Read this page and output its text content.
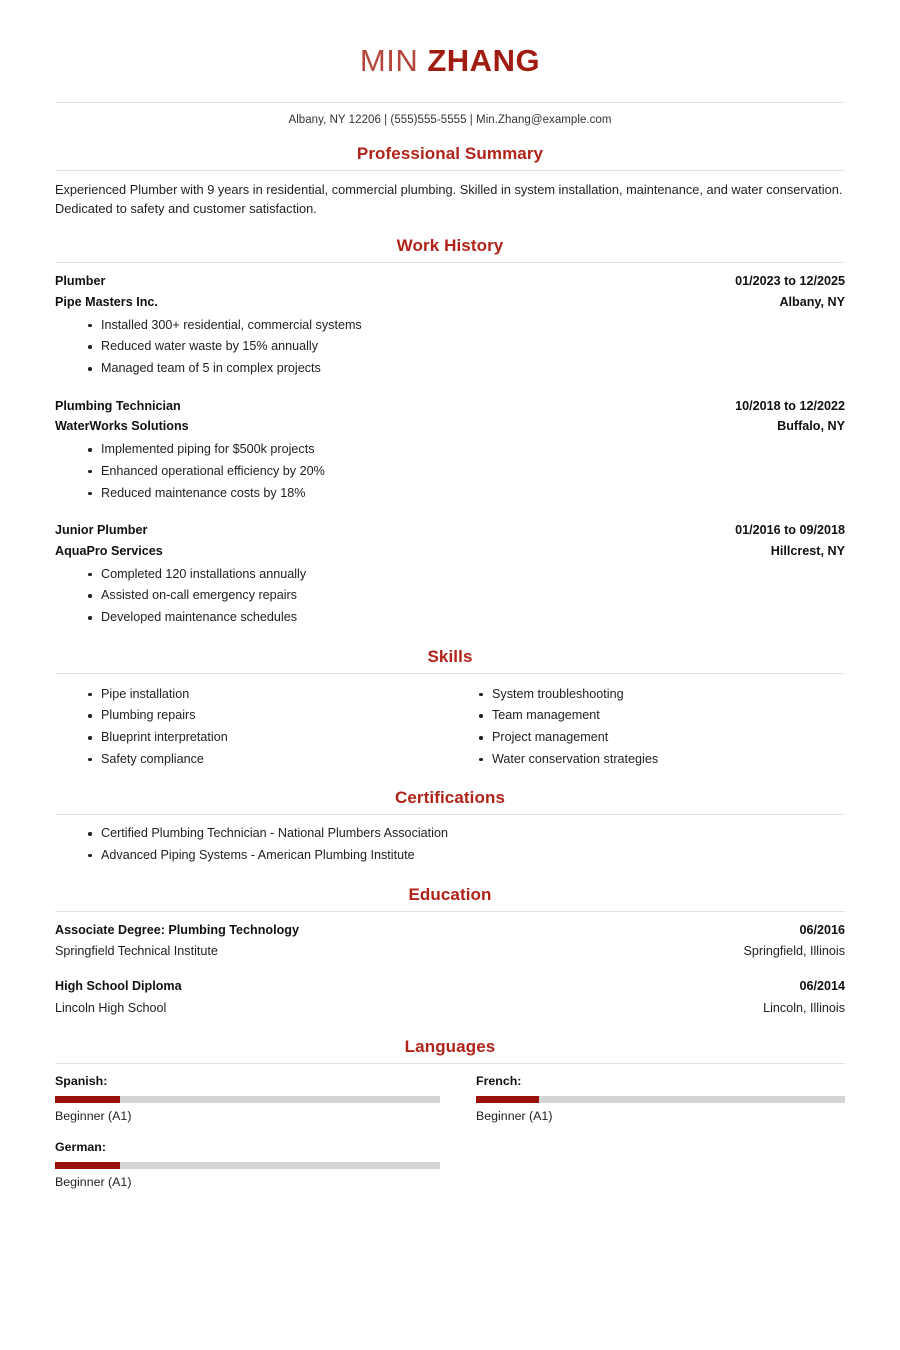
MIN ZHANG
Albany, NY 12206 | (555)555-5555 | Min.Zhang@example.com
Professional Summary

Experienced Plumber with 9 years in residential, commercial plumbing. Skilled in system installation, maintenance, and water conservation. Dedicated to safety and customer satisfaction.

Work History
Plumber	01/2023 to 12/2025
Pipe Masters Inc.	Albany, NY
Installed 300+ residential, commercial systems
Reduced water waste by 15% annually
Managed team of 5 in complex projects
Plumbing Technician	10/2018 to 12/2022
WaterWorks Solutions	Buffalo, NY
Implemented piping for $500k projects
Enhanced operational efficiency by 20%
Reduced maintenance costs by 18%
Junior Plumber	01/2016 to 09/2018
AquaPro Services	Hillcrest, NY
Completed 120 installations annually
Assisted on-call emergency repairs
Developed maintenance schedules
Skills
Pipe installation
Plumbing repairs
Blueprint interpretation
Safety compliance
System troubleshooting
Team management
Project management
Water conservation strategies
Certifications
Certified Plumbing Technician - National Plumbers Association
Advanced Piping Systems - American Plumbing Institute
Education
Associate Degree: Plumbing Technology	06/2016
Springfield Technical Institute	Springfield, Illinois
High School Diploma	06/2014
Lincoln High School	Lincoln, Illinois
Languages
Spanish:
Beginner (A1)
French:
Beginner (A1)
German:
Beginner (A1)
